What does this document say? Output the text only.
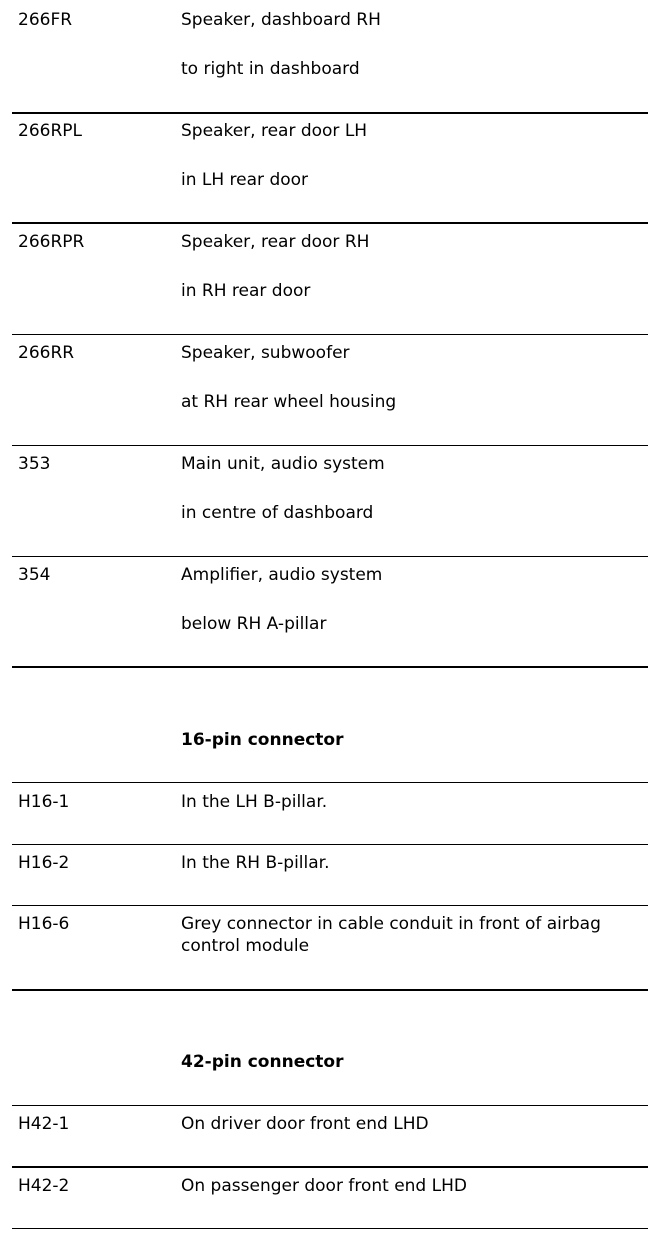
266FR	Speaker, dashboard RH
to right in dashboard
266RPL	Speaker, rear door LH
in LH rear door
266RPR	Speaker, rear door RH
in RH rear door
266RR	Speaker, subwoofer
at RH rear wheel housing
353	Main unit, audio system
in centre of dashboard
354	Amplifier, audio system
below RH A-pillar
16-pin connector
H16-1	In the LH B-pillar.
H16-2	In the RH B-pillar.
H16-6	Grey connector in cable conduit in front of airbag control module
42-pin connector
H42-1	On driver door front end LHD
H42-2	On passenger door front end LHD
